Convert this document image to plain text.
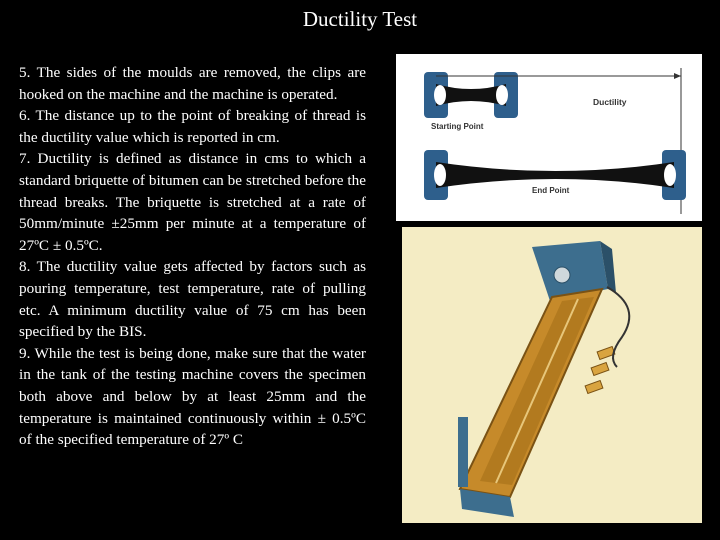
Ductility Test

5. The sides of the moulds are removed, the clips are hooked on the machine and the machine is operated.

6. The distance up to the point of breaking of thread is the ductility value which is reported in cm.

7. Ductility is defined as distance in cms to which a standard briquette of bitumen can be stretched before the thread breaks. The briquette is stretched at a rate of 50mm/minute ±25mm per minute at a temperature of 27ºC ± 0.5ºC.

8. The ductility value gets affected by factors such as pouring temperature, test temperature, rate of pulling etc. A minimum ductility value of 75 cm has been specified by the BIS.

9. While the test is being done, make sure that the water in the tank of the testing machine covers the specimen both above and below by at least 25mm and the temperature is maintained continuously within ± 0.5ºC of the specified temperature of 27º C

Starting Point
Ductility
End Point
